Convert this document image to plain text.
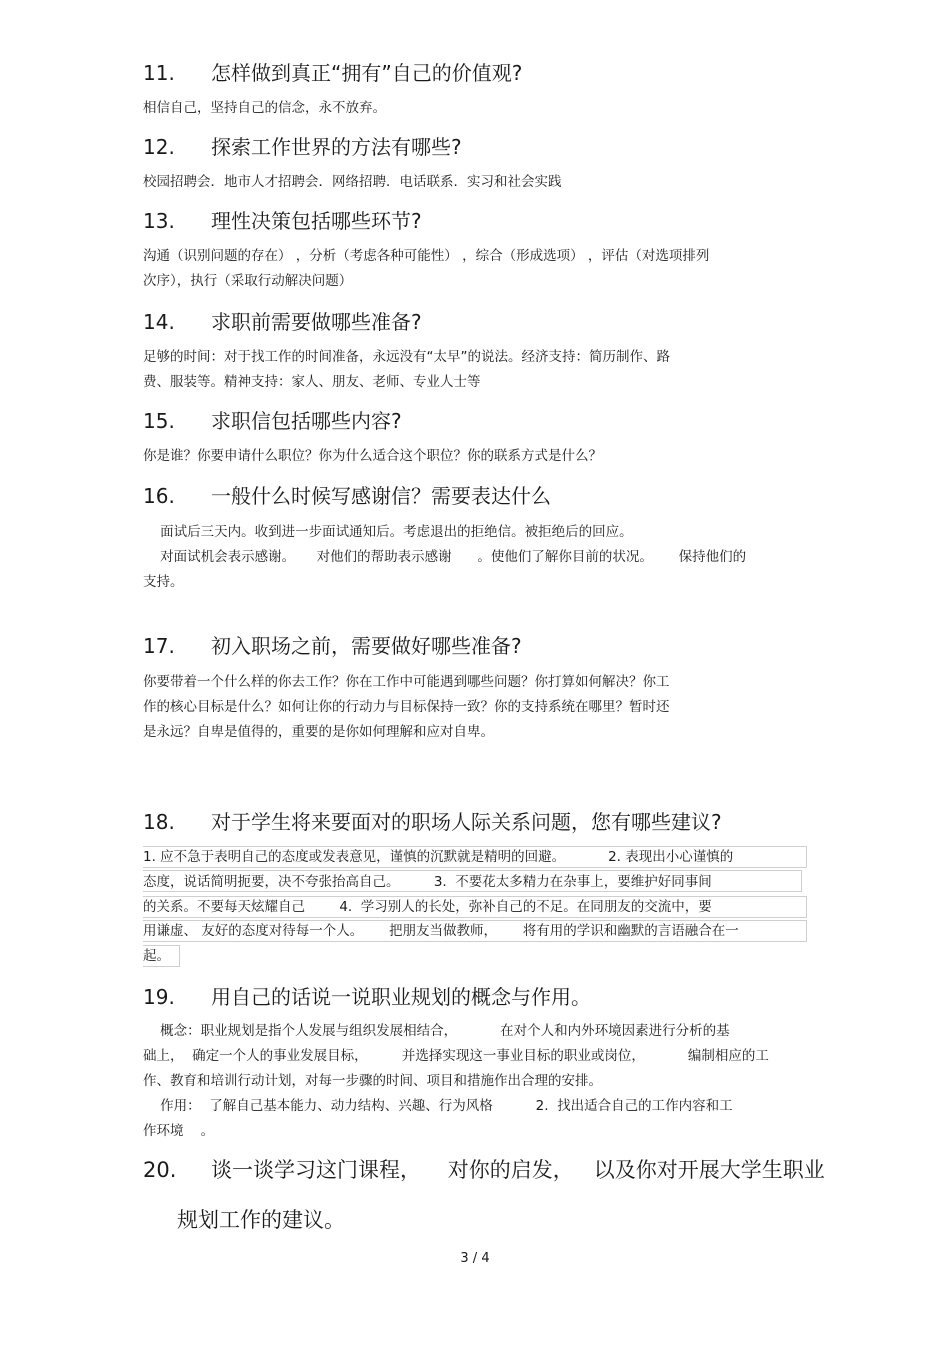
11. 怎样做到真正“拥有”自己的价值观?
相信自己，坚持自己的信念，永不放弃。
12. 探索工作世界的方法有哪些?
校园招聘会．地市人才招聘会．网络招聘．电话联系．实习和社会实践
13. 理性决策包括哪些环节?
沟通（识别问题的存在） ，分析（考虑各种可能性） ，综合（形成选项） ，评估（对选项排列
次序），执行（采取行动解决问题）
14. 求职前需要做哪些准备?
足够的时间：对于找工作的时间准备，永远没有“太早”的说法。经济支持：简历制作、路
费、服装等。精神支持：家人、朋友、老师、专业人士等
15. 求职信包括哪些内容?
你是谁？你要申请什么职位？你为什么适合这个职位？你的联系方式是什么？
16. 一般什么时候写感谢信？需要表达什么
面试后三天内。收到进一步面试通知后。考虑退出的拒绝信。被拒绝后的回应。
对面试机会表示感谢。     对他们的帮助表示感谢      。使他们了解你目前的状况。      保持他们的
支持。
17. 初入职场之前，需要做好哪些准备?
你要带着一个什么样的你去工作？你在工作中可能遇到哪些问题？你打算如何解决？你工
作的核心目标是什么？如何让你的行动力与目标保持一致？你的支持系统在哪里？暂时还
是永远？自卑是值得的，重要的是你如何理解和应对自卑。
18. 对于学生将来要面对的职场人际关系问题，您有哪些建议?
1. 应不急于表明自己的态度或发表意见，谨慎的沉默就是精明的回避。          2. 表现出小心谨慎的
态度，说话简明扼要，决不夸张抬高自己。        3.  不要花太多精力在杂事上，要维护好同事间
的关系。不要每天炫耀自己        4.  学习别人的长处，弥补自己的不足。在同朋友的交流中，要
用谦虚、 友好的态度对待每一个人。      把朋友当做教师，      将有用的学识和幽默的言语融合在一
起。
19. 用自己的话说一说职业规划的概念与作用。
概念：职业规划是指个人发展与组织发展相结合，          在对个人和内外环境因素进行分析的基
础上，  确定一个人的事业发展目标，        并选择实现这一事业目标的职业或岗位，          编制相应的工
作、教育和培训行动计划，对每一步骤的时间、项目和措施作出合理的安排。
作用：  了解自己基本能力、动力结构、兴趣、行为风格          2.  找出适合自己的工作内容和工
作环境    。
20. 谈一谈学习这门课程，    对你的启发，   以及你对开展大学生职业
规划工作的建议。
3 / 4
